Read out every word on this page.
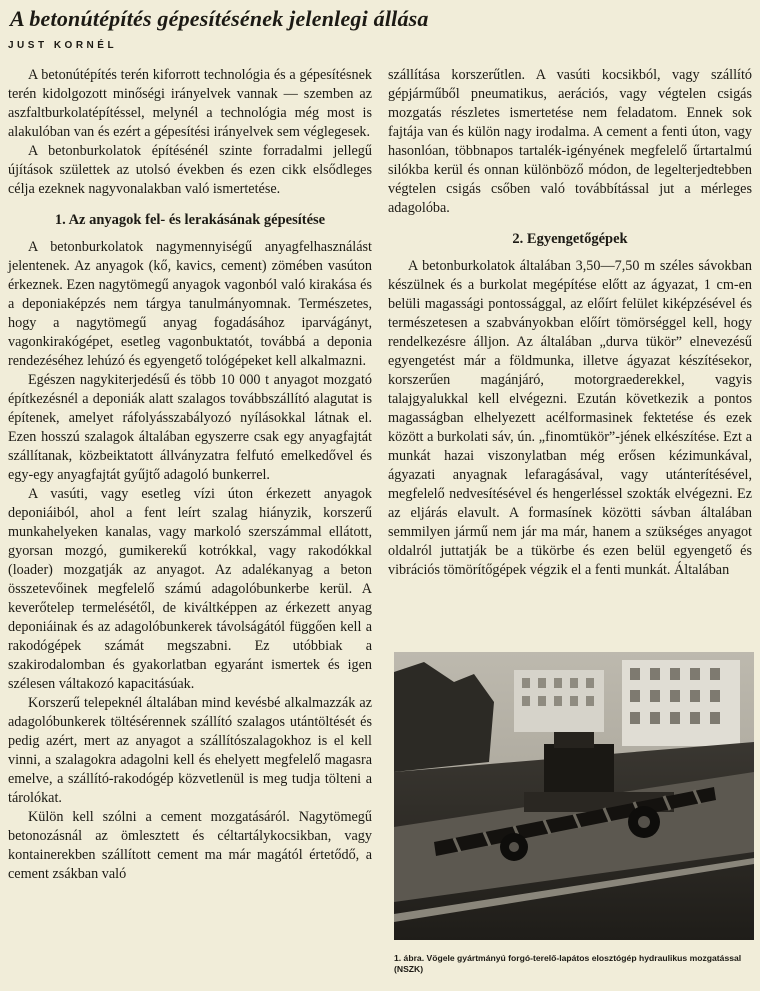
A betonútépítés gépesítésének jelenlegi állása
JUST KORNÉL

A betonútépítés terén kiforrott technológia és a gépesítésnek terén kidolgozott minőségi irányelvek vannak — szemben az aszfaltburkolatépítéssel, melynél a technológia még most is alakulóban van és ezért a gépesítési irányelvek sem véglegesek.

A betonburkolatok építésénél szinte forradalmi jellegű újítások születtek az utolsó években és ezen cikk elsődleges célja ezeknek nagyvonalakban való ismertetése.

1. Az anyagok fel- és lerakásának gépesítése

A betonburkolatok nagymennyiségű anyagfelhasználást jelentenek. Az anyagok (kő, kavics, cement) zömében vasúton érkeznek. Ezen nagytömegű anyagok vagonból való kirakása és a deponiaképzés nem tárgya tanulmányomnak. Természetes, hogy a nagytömegű anyag fogadásához iparvágányt, vagonkirakógépet, esetleg vagonbuktatót, továbbá a deponia rendezéséhez lehúzó és egyengető tológépeket kell alkalmazni.

Egészen nagykiterjedésű és több 10 000 t anyagot mozgató építkezésnél a deponiák alatt szalagos továbbszállító alagutat is építenek, amelyet ráfolyásszabályozó nyílásokkal látnak el. Ezen hosszú szalagok általában egyszerre csak egy anyagfajtát szállítanak, közbeiktatott állványzatra felfutó emelkedővel és egy-egy anyagfajtát gyűjtő adagoló bunkerrel.

A vasúti, vagy esetleg vízi úton érkezett anyagok deponiáiból, ahol a fent leírt szalag hiányzik, korszerű munkahelyeken kanalas, vagy markoló szerszámmal ellátott, gyorsan mozgó, gumikerekű kotrókkal, vagy rakodókkal (loader) mozgatják az anyagot. Az adalékanyag a beton összetevőinek megfelelő számú adagolóbunkerbe kerül. A keverőtelep termelésétől, de kiváltképpen az érkezett anyag deponiáinak és az adagolóbunkerek távolságától függően kell a rakodógépek számát megszabni. Ez utóbbiak a szakirodalomban és gyakorlatban egyaránt ismertek és igen szélesen váltakozó kapacitásúak.

Korszerű telepeknél általában mind kevésbé alkalmazzák az adagolóbunkerek töltésérennek szállító szalagos utántöltését és pedig azért, mert az anyagot a szállítószalagokhoz is el kell vinni, a szalagokra adagolni kell és ehelyett megfelelő magasra emelve, a szállító-rakodógép közvetlenül is meg tudja tölteni a tárolókat.

Külön kell szólni a cement mozgatásáról. Nagytömegű betonozásnál az ömlesztett és céltartálykocsikban, vagy kontainerekben szállított cement ma már magától értetődő, a cement zsákban való

szállítása korszerűtlen. A vasúti kocsikból, vagy szállító gépjárműből pneumatikus, aerációs, vagy végtelen csigás mozgatás részletes ismertetése nem feladatom. Ennek sok fajtája van és külön nagy irodalma. A cement a fenti úton, vagy hasonlóan, többnapos tartalék-igényének megfelelő űrtartalmú silókba kerül és onnan különböző módon, de legelterjedtebben végtelen csigás csőben való továbbítással jut a mérleges adagolóba.

2. Egyengetőgépek

A betonburkolatok általában 3,50—7,50 m széles sávokban készülnek és a burkolat megépítése előtt az ágyazat, 1 cm-en belüli magassági pontossággal, az előírt felület kiképzésével és természetesen a szabványokban előírt tömörséggel kell, hogy rendelkezésre álljon. Az általában „durva tükör” elnevezésű egyengetést már a földmunka, illetve ágyazat készítésekor, korszerűen magánjáró, motorgraederekkel, vagyis talajgyalukkal kell elvégezni. Ezután következik a pontos magasságban elhelyezett acélformasinek fektetése és ezek között a burkolati sáv, ún. „finomtükör”-jének elkészítése. Ezt a munkát hazai viszonylatban még erősen kézimunkával, ágyazati anyagnak lefaragásával, vagy utánterítésével, megfelelő nedvesítésével és hengerléssel szokták elvégezni. Ez az eljárás elavult. A formasínek közötti sávban általában semmilyen jármű nem jár ma már, hanem a szükséges anyagot oldalról juttatják be a tükörbe és ezen belül egyengető és vibrációs tömörítőgépek végzik el a fenti munkát. Általában

1. ábra. Vögele gyártmányú forgó-terelő-lapátos elosztógép hydraulikus mozgatással (NSZK)
